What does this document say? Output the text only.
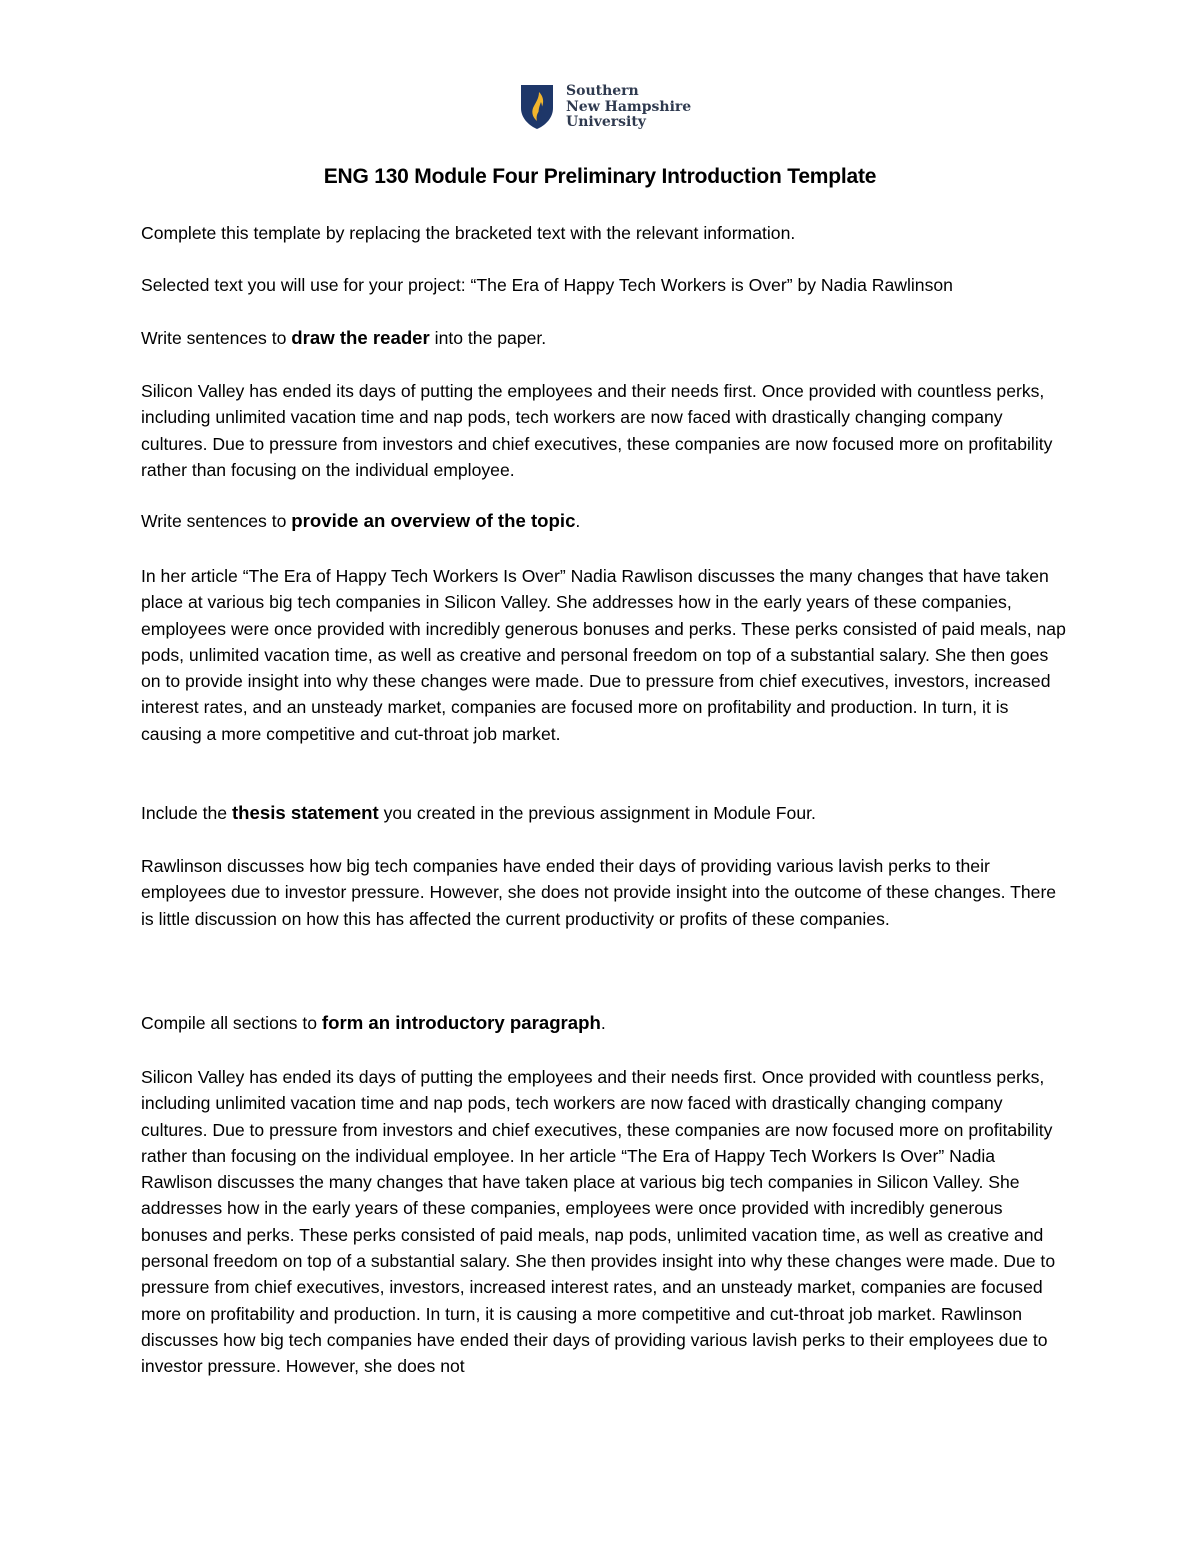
Southern
New Hampshire
University
ENG 130 Module Four Preliminary Introduction Template

Complete this template by replacing the bracketed text with the relevant information.

Selected text you will use for your project: “The Era of Happy Tech Workers is Over” by Nadia Rawlinson

Write sentences to draw the reader into the paper.

Silicon Valley has ended its days of putting the employees and their needs first. Once provided with countless perks, including unlimited vacation time and nap pods, tech workers are now faced with drastically changing company cultures. Due to pressure from investors and chief executives, these companies are now focused more on profitability rather than focusing on the individual employee.

Write sentences to provide an overview of the topic.

In her article “The Era of Happy Tech Workers Is Over” Nadia Rawlison discusses the many changes that have taken place at various big tech companies in Silicon Valley. She addresses how in the early years of these companies, employees were once provided with incredibly generous bonuses and perks. These perks consisted of paid meals, nap pods, unlimited vacation time, as well as creative and personal freedom on top of a substantial salary. She then goes on to provide insight into why these changes were made. Due to pressure from chief executives, investors, increased interest rates, and an unsteady market, companies are focused more on profitability and production. In turn, it is causing a more competitive and cut-throat job market.

Include the thesis statement you created in the previous assignment in Module Four.

Rawlinson discusses how big tech companies have ended their days of providing various lavish perks to their employees due to investor pressure. However, she does not provide insight into the outcome of these changes. There is little discussion on how this has affected the current productivity or profits of these companies.

Compile all sections to form an introductory paragraph.

Silicon Valley has ended its days of putting the employees and their needs first. Once provided with countless perks, including unlimited vacation time and nap pods, tech workers are now faced with drastically changing company cultures. Due to pressure from investors and chief executives, these companies are now focused more on profitability rather than focusing on the individual employee. In her article “The Era of Happy Tech Workers Is Over” Nadia Rawlison discusses the many changes that have taken place at various big tech companies in Silicon Valley. She addresses how in the early years of these companies, employees were once provided with incredibly generous bonuses and perks. These perks consisted of paid meals, nap pods, unlimited vacation time, as well as creative and personal freedom on top of a substantial salary. She then provides insight into why these changes were made. Due to pressure from chief executives, investors, increased interest rates, and an unsteady market, companies are focused more on profitability and production. In turn, it is causing a more competitive and cut-throat job market. Rawlinson discusses how big tech companies have ended their days of providing various lavish perks to their employees due to investor pressure. However, she does not
